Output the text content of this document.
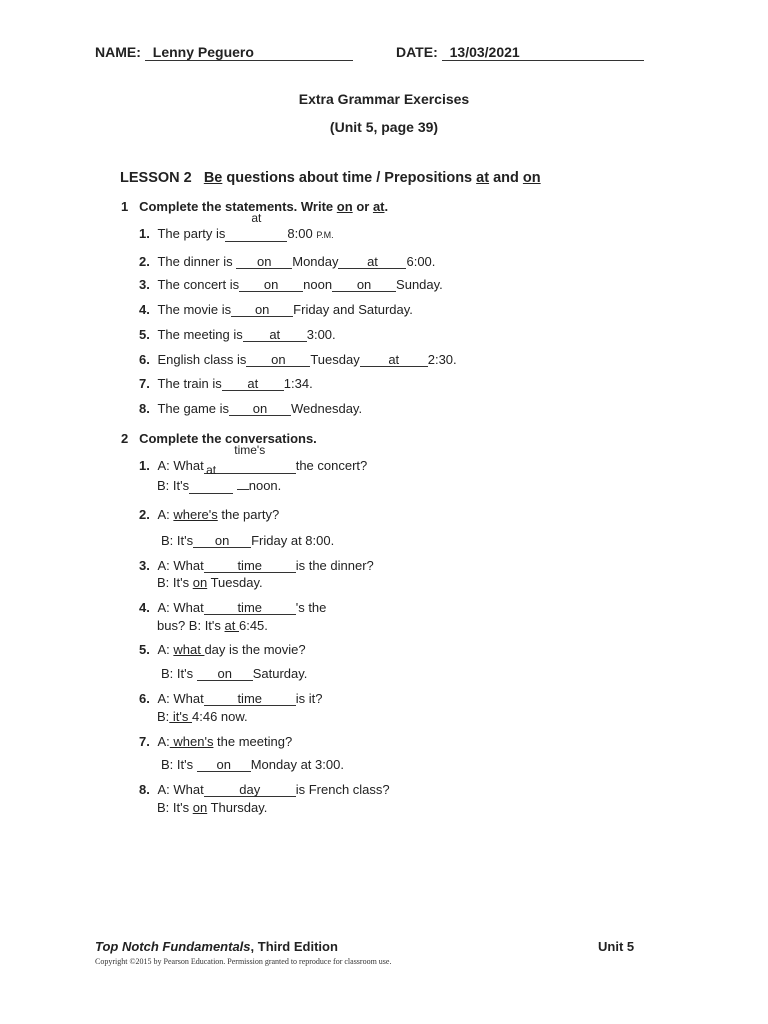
NAME: Lenny Peguero	DATE: 13/03/2021
Extra Grammar Exercises
(Unit 5, page 39)
LESSON 2 Be questions about time / Prepositions at and on
1 Complete the statements. Write on or at.
1. The party is
at
8:00 P.M.
2. The dinner is on Monday at 6:00.
3. The concert is on noon on Sunday.
4. The movie is on Friday and Saturday.
5. The meeting is at 3:00.
6. English class is on Tuesday at 2:30.
7. The train is at 1:34.
8. The game is on Wednesday.
2 Complete the conversations.
1. A: What
time's
the concert?
B: It's
at
noon.
2. A: where's the party?
B: It's on Friday at 8:00.
3. A: What	time	is the dinner?
B: It's on Tuesday.
4. A: What	time	's the
bus? B: It's at 6:45.
5. A: what day is the movie?
B: It's on Saturday.
6. A: What	time	is it?
B: it's 4:46 now.
7. A: when's the meeting?
B: It's on Monday at 3:00.
8. A: What	day	is French class?
B: It's on Thursday.
Top Notch Fundamentals, Third Edition	Unit 5
Copyright ©2015 by Pearson Education. Permission granted to reproduce for classroom use.
